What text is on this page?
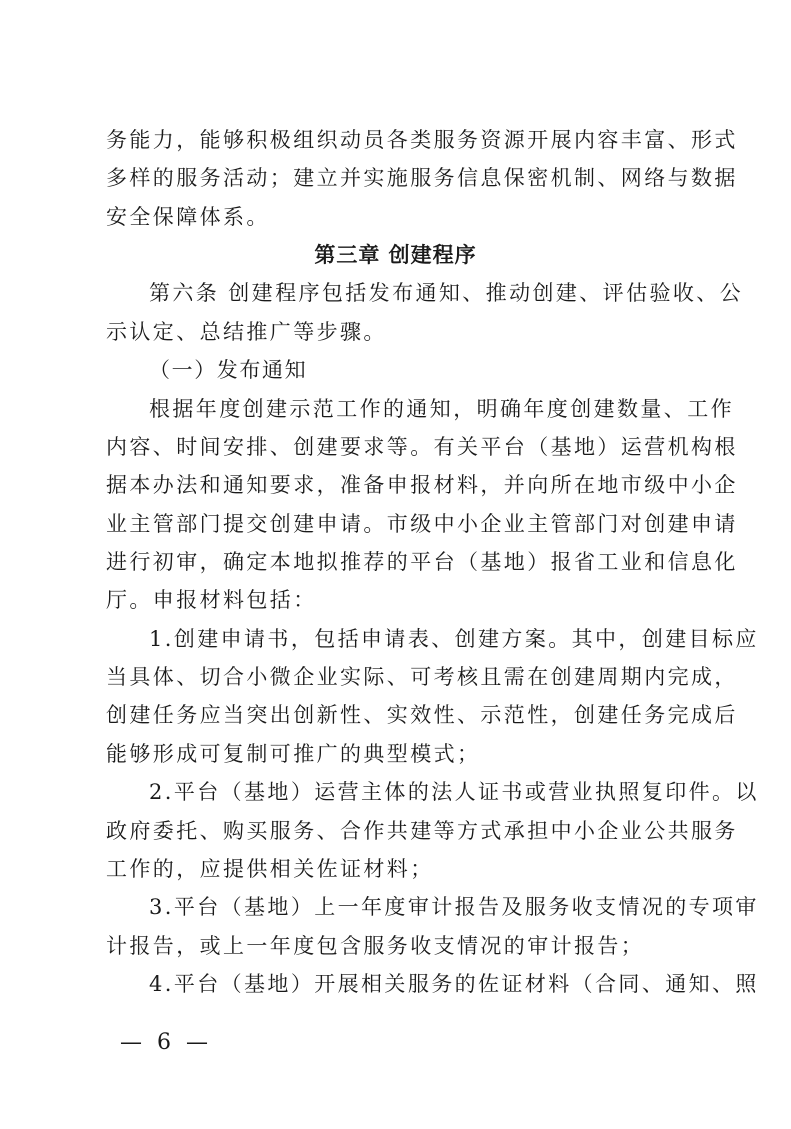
务能力，能够积极组织动员各类服务资源开展内容丰富、形式
多样的服务活动；建立并实施服务信息保密机制、网络与数据
安全保障体系。
第三章 创建程序
第六条 创建程序包括发布通知、推动创建、评估验收、公
示认定、总结推广等步骤。
（一）发布通知
根据年度创建示范工作的通知，明确年度创建数量、工作
内容、时间安排、创建要求等。有关平台（基地）运营机构根
据本办法和通知要求，准备申报材料，并向所在地市级中小企
业主管部门提交创建申请。市级中小企业主管部门对创建申请
进行初审，确定本地拟推荐的平台（基地）报省工业和信息化
厅。申报材料包括：
1.创建申请书，包括申请表、创建方案。其中，创建目标应
当具体、切合小微企业实际、可考核且需在创建周期内完成，
创建任务应当突出创新性、实效性、示范性，创建任务完成后
能够形成可复制可推广的典型模式；
2.平台（基地）运营主体的法人证书或营业执照复印件。以
政府委托、购买服务、合作共建等方式承担中小企业公共服务
工作的，应提供相关佐证材料；
3.平台（基地）上一年度审计报告及服务收支情况的专项审
计报告，或上一年度包含服务收支情况的审计报告；
4.平台（基地）开展相关服务的佐证材料（合同、通知、照
— 6 —
